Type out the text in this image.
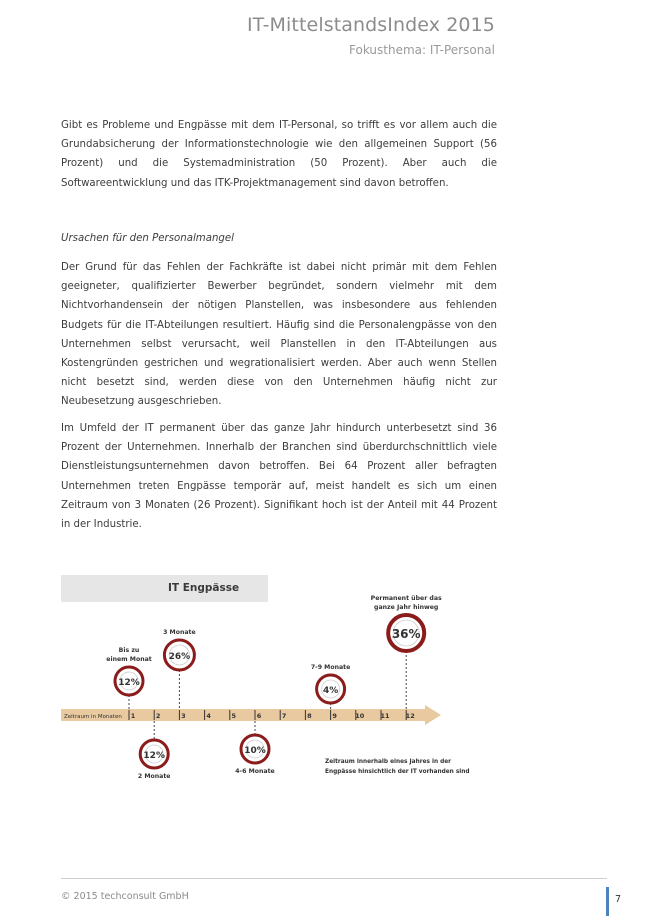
IT-MittelstandsIndex 2015
Fokusthema: IT-Personal

Gibt es Probleme und Engpässe mit dem IT-Personal, so trifft es vor allem auch die Grundabsicherung der Informationstechnologie wie den allgemeinen Support (56 Prozent) und die Systemadministration (50 Prozent). Aber auch die Softwareentwicklung und das ITK-Projektmanagement sind davon betroffen.

Ursachen für den Personalmangel

Der Grund für das Fehlen der Fachkräfte ist dabei nicht primär mit dem Fehlen geeigneter, qualifizierter Bewerber begründet, sondern vielmehr mit dem Nichtvorhandensein der nötigen Planstellen, was insbesondere aus fehlenden Budgets für die IT-Abteilungen resultiert. Häufig sind die Personalengpässe von den Unternehmen selbst verursacht, weil Planstellen in den IT-Abteilungen aus Kostengründen gestrichen und wegrationalisiert werden. Aber auch wenn Stellen nicht besetzt sind, werden diese von den Unternehmen häufig nicht zur Neubesetzung ausgeschrieben.

Im Umfeld der IT permanent über das ganze Jahr hindurch unterbesetzt sind 36 Prozent der Unternehmen. Innerhalb der Branchen sind überdurchschnittlich viele Dienstleistungsunternehmen davon betroffen. Bei 64 Prozent aller befragten Unternehmen treten Engpässe temporär auf, meist handelt es sich um einen Zeitraum von 3 Monaten (26 Prozent). Signifikant hoch ist der Anteil mit 44 Prozent in der Industrie.

IT Engpässe
Zeitraum in Monaten 1	2	3	4	5	6	7	8	9	10 11 12
12%
Bis zu
einem Monat 26%
3 Monate
4%
7-9 Monate
36%
Permanent über das
ganze Jahr hinweg
12%
2 Monate
10%
4-6 Monate
Zeitraum innerhalb eines Jahres in der
Engpässe hinsichtlich der IT vorhanden sind
© 2015 techconsult GmbH	7
